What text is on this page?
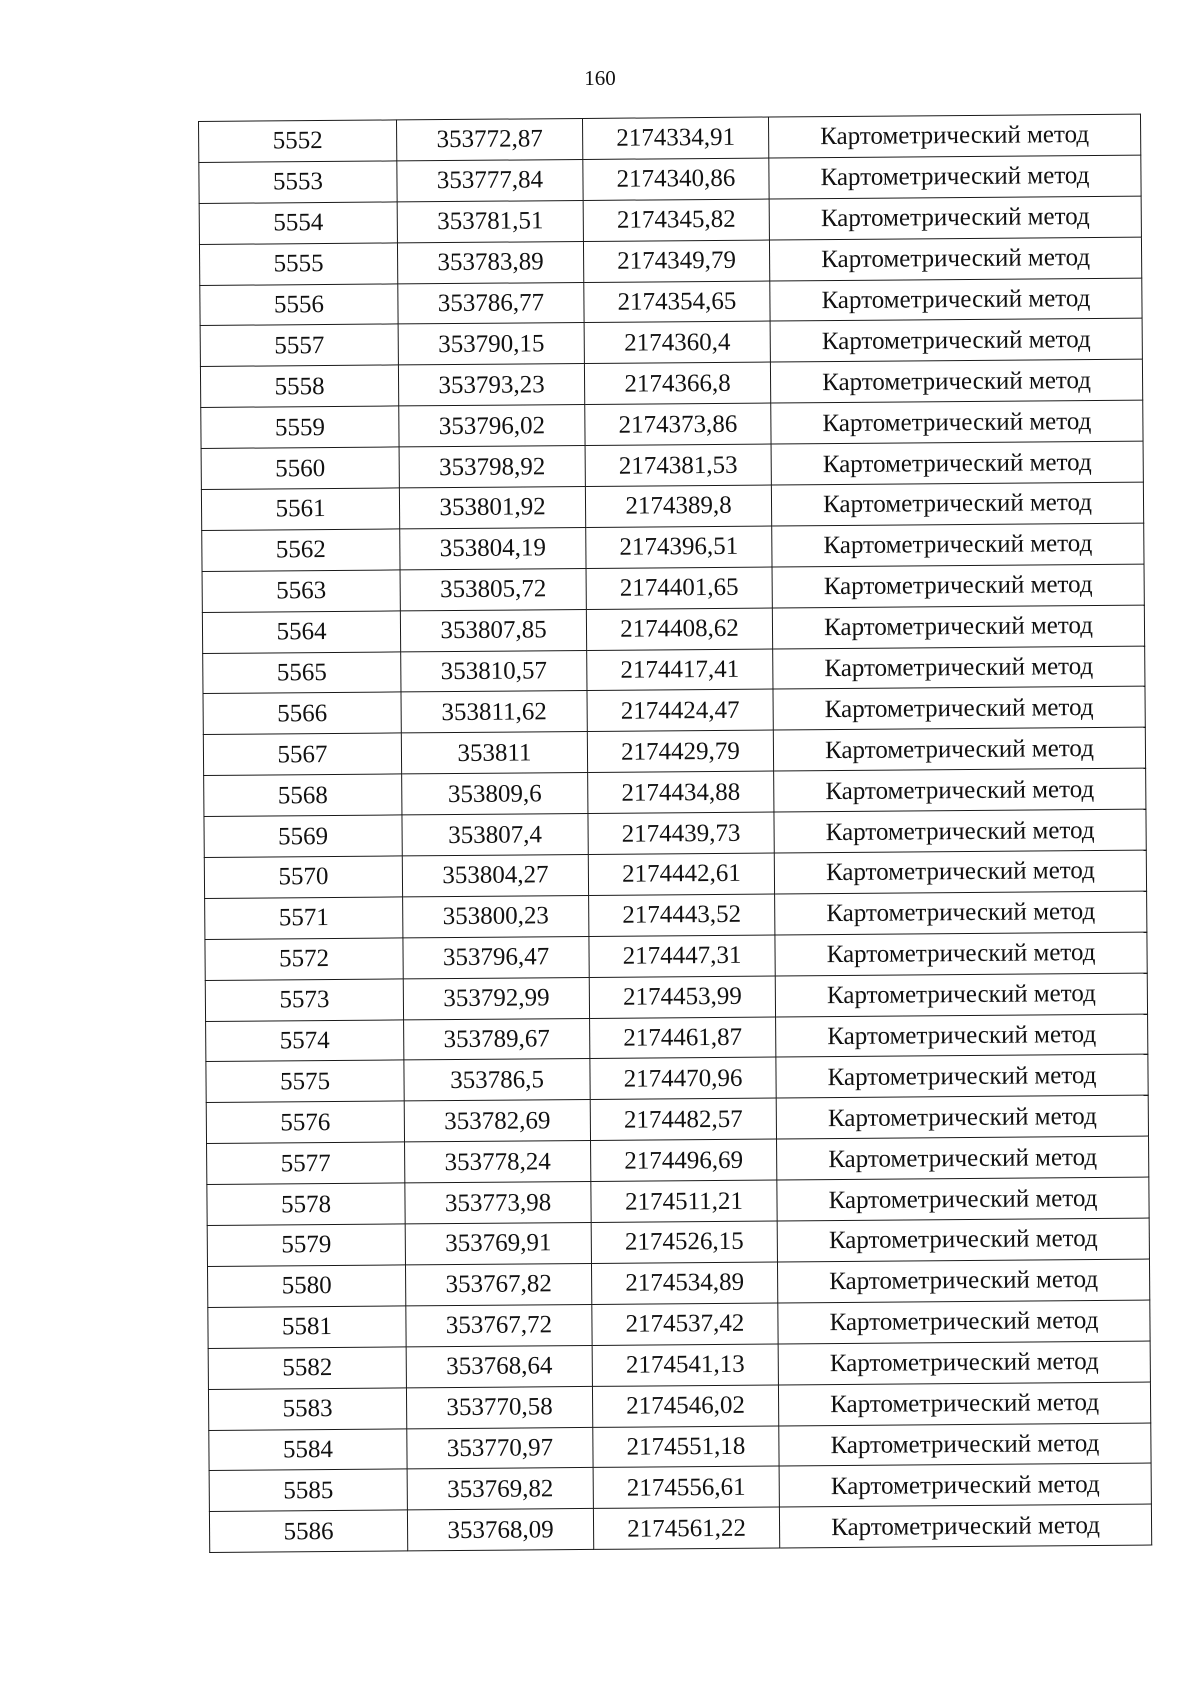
160
5552	353772,87	2174334,91	Картометрический метод
5553	353777,84	2174340,86	Картометрический метод
5554	353781,51	2174345,82	Картометрический метод
5555	353783,89	2174349,79	Картометрический метод
5556	353786,77	2174354,65	Картометрический метод
5557	353790,15	2174360,4	Картометрический метод
5558	353793,23	2174366,8	Картометрический метод
5559	353796,02	2174373,86	Картометрический метод
5560	353798,92	2174381,53	Картометрический метод
5561	353801,92	2174389,8	Картометрический метод
5562	353804,19	2174396,51	Картометрический метод
5563	353805,72	2174401,65	Картометрический метод
5564	353807,85	2174408,62	Картометрический метод
5565	353810,57	2174417,41	Картометрический метод
5566	353811,62	2174424,47	Картометрический метод
5567	353811	2174429,79	Картометрический метод
5568	353809,6	2174434,88	Картометрический метод
5569	353807,4	2174439,73	Картометрический метод
5570	353804,27	2174442,61	Картометрический метод
5571	353800,23	2174443,52	Картометрический метод
5572	353796,47	2174447,31	Картометрический метод
5573	353792,99	2174453,99	Картометрический метод
5574	353789,67	2174461,87	Картометрический метод
5575	353786,5	2174470,96	Картометрический метод
5576	353782,69	2174482,57	Картометрический метод
5577	353778,24	2174496,69	Картометрический метод
5578	353773,98	2174511,21	Картометрический метод
5579	353769,91	2174526,15	Картометрический метод
5580	353767,82	2174534,89	Картометрический метод
5581	353767,72	2174537,42	Картометрический метод
5582	353768,64	2174541,13	Картометрический метод
5583	353770,58	2174546,02	Картометрический метод
5584	353770,97	2174551,18	Картометрический метод
5585	353769,82	2174556,61	Картометрический метод
5586	353768,09	2174561,22	Картометрический метод
